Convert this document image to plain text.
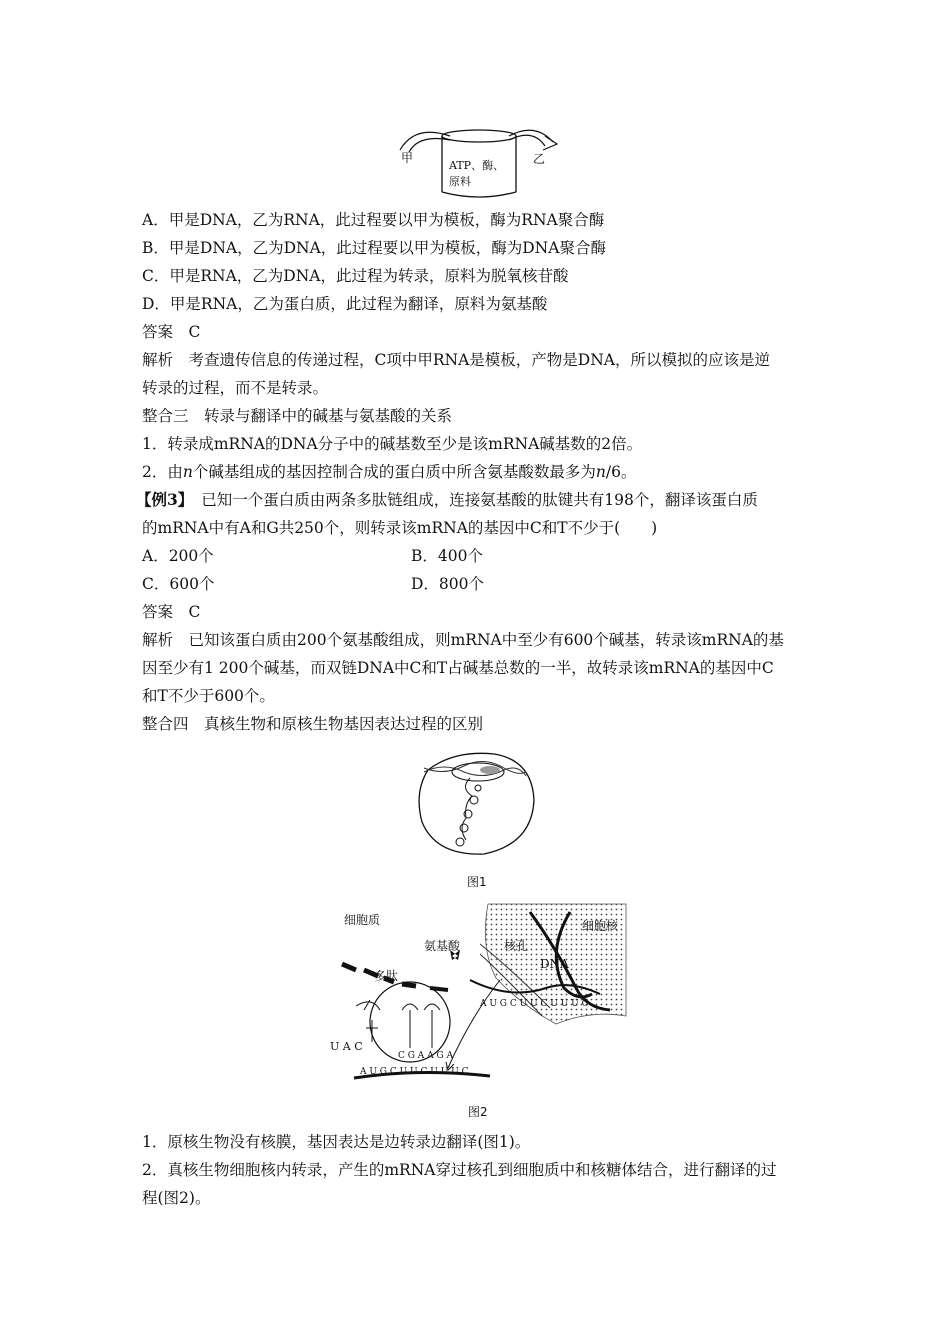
甲	乙
ATP、酶、
原料
A．甲是DNA，乙为RNA，此过程要以甲为模板，酶为RNA聚合酶
B．甲是DNA，乙为DNA，此过程要以甲为模板，酶为DNA聚合酶
C．甲是RNA，乙为DNA，此过程为转录，原料为脱氧核苷酸
D．甲是RNA，乙为蛋白质，此过程为翻译，原料为氨基酸
答案　C
解析　考查遗传信息的传递过程，C项中甲RNA是模板，产物是DNA，所以模拟的应该是逆
转录的过程，而不是转录。
整合三　转录与翻译中的碱基与氨基酸的关系
1．转录成mRNA的DNA分子中的碱基数至少是该mRNA碱基数的2倍。
2．由n个碱基组成的基因控制合成的蛋白质中所含氨基酸数最多为n/6。
【例3】 已知一个蛋白质由两条多肽链组成，连接氨基酸的肽键共有198个，翻译该蛋白质
的mRNA中有A和G共250个，则转录该mRNA的基因中C和T不少于(　　)
A．200个	B．400个
C．600个	D．800个
答案　C
解析　已知该蛋白质由200个氨基酸组成，则mRNA中至少有600个碱基，转录该mRNA的基
因至少有1 200个碱基，而双链DNA中C和T占碱基总数的一半，故转录该mRNA的基因中C
和T不少于600个。
整合四　真核生物和原核生物基因表达过程的区别
图1
细胞质
氨基酸
多肽
核孔
细胞核
DNA
A U G C U U C U U U C
U A C
C G A A G A
A U G C U U C U U U C
图2
1．原核生物没有核膜，基因表达是边转录边翻译(图1)。
2．真核生物细胞核内转录，产生的mRNA穿过核孔到细胞质中和核糖体结合，进行翻译的过
程(图2)。
